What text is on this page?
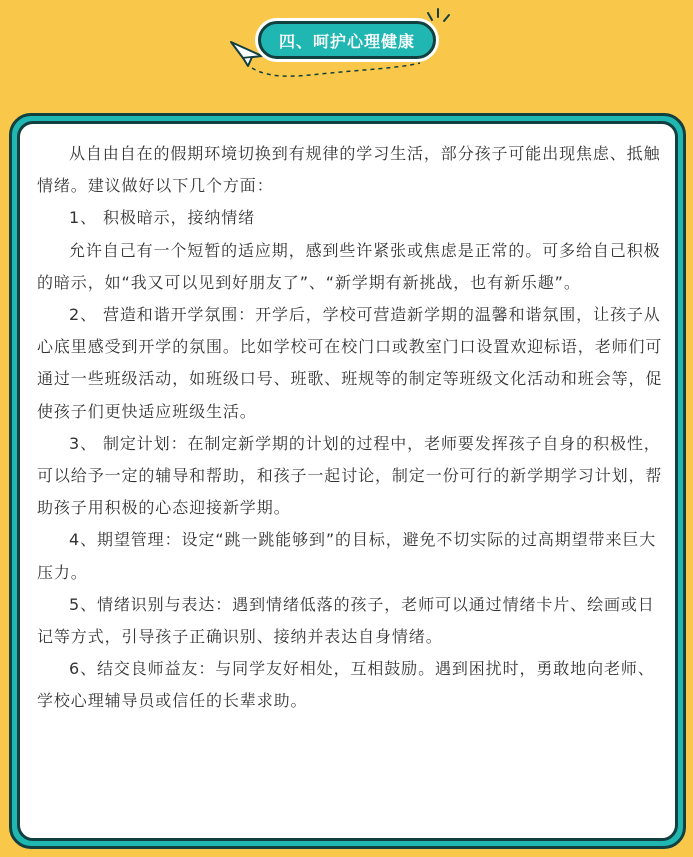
四、呵护心理健康

从自由自在的假期环境切换到有规律的学习生活，部分孩子可能出现焦虑、抵触情绪。建议做好以下几个方面：

1、 积极暗示，接纳情绪

允许自己有一个短暂的适应期，感到些许紧张或焦虑是正常的。可多给自己积极的暗示，如“我又可以见到好朋友了”、“新学期有新挑战，也有新乐趣”。

2、 营造和谐开学氛围：开学后，学校可营造新学期的温馨和谐氛围，让孩子从心底里感受到开学的氛围。比如学校可在校门口或教室门口设置欢迎标语，老师们可通过一些班级活动，如班级口号、班歌、班规等的制定等班级文化活动和班会等，促使孩子们更快适应班级生活。

3、 制定计划：在制定新学期的计划的过程中，老师要发挥孩子自身的积极性，可以给予一定的辅导和帮助，和孩子一起讨论，制定一份可行的新学期学习计划，帮助孩子用积极的心态迎接新学期。

4、期望管理：设定“跳一跳能够到”的目标，避免不切实际的过高期望带来巨大压力。

5、情绪识别与表达：遇到情绪低落的孩子，老师可以通过情绪卡片、绘画或日记等方式，引导孩子正确识别、接纳并表达自身情绪。

6、结交良师益友：与同学友好相处，互相鼓励。遇到困扰时，勇敢地向老师、学校心理辅导员或信任的长辈求助。
